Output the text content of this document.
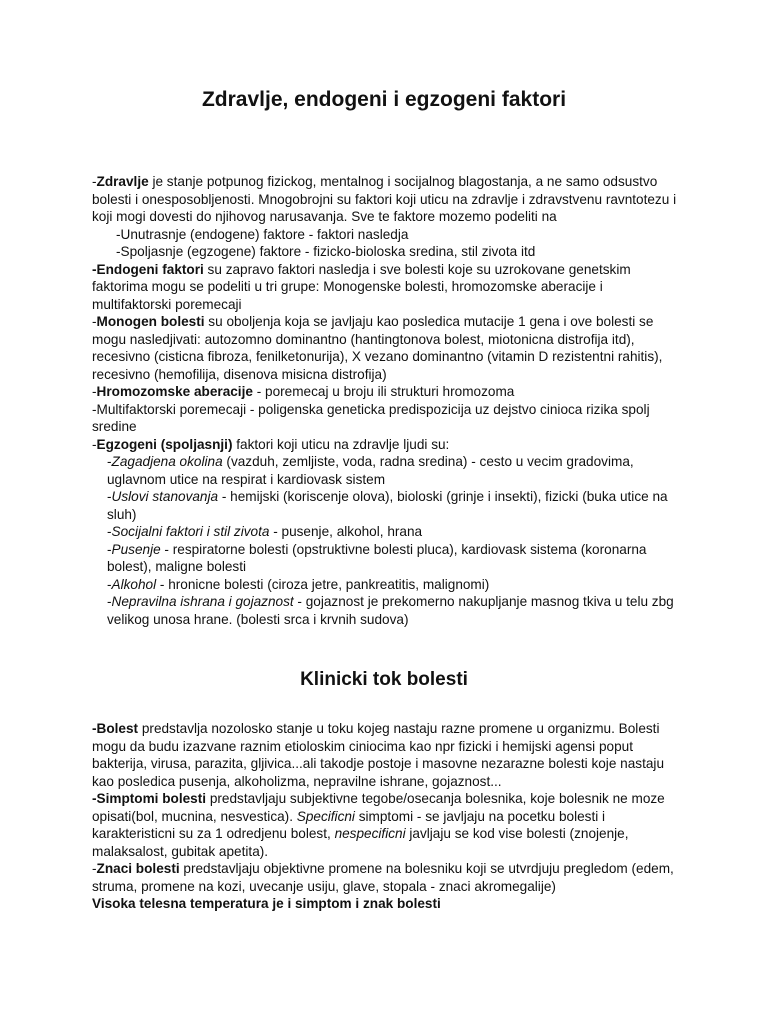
Zdravlje, endogeni i egzogeni faktori

-Zdravlje je stanje potpunog fizickog, mentalnog i socijalnog blagostanja, a ne samo odsustvo bolesti i onesposobljenosti. Mnogobrojni su faktori koji uticu na zdravlje i zdravstvenu ravntotezu i koji mogi dovesti do njihovog narusavanja. Sve te faktore mozemo podeliti na

-Unutrasnje (endogene) faktore - faktori nasledja

-Spoljasnje (egzogene) faktore - fizicko-bioloska sredina, stil zivota itd

-Endogeni faktori su zapravo faktori nasledja i sve bolesti koje su uzrokovane genetskim faktorima mogu se podeliti u tri grupe: Monogenske bolesti, hromozomske aberacije i multifaktorski poremecaji

-Monogen bolesti su oboljenja koja se javljaju kao posledica mutacije 1 gena i ove bolesti se mogu nasledjivati: autozomno dominantno (hantingtonova bolest, miotonicna distrofija itd), recesivno (cisticna fibroza, fenilketonurija), X vezano dominantno (vitamin D rezistentni rahitis), recesivno (hemofilija, disenova misicna distrofija)

-Hromozomske aberacije - poremecaj u broju ili strukturi hromozoma

-Multifaktorski poremecaji - poligenska geneticka predispozicija uz dejstvo cinioca rizika spolj sredine

-Egzogeni (spoljasnji) faktori koji uticu na zdravlje ljudi su:

-Zagadjena okolina (vazduh, zemljiste, voda, radna sredina) - cesto u vecim gradovima, uglavnom utice na respirat i kardiovask sistem

-Uslovi stanovanja - hemijski (koriscenje olova), bioloski (grinje i insekti), fizicki (buka utice na sluh)

-Socijalni faktori i stil zivota - pusenje, alkohol, hrana

-Pusenje - respiratorne bolesti (opstruktivne bolesti pluca), kardiovask sistema (koronarna bolest), maligne bolesti

-Alkohol - hronicne bolesti (ciroza jetre, pankreatitis, malignomi)

-Nepravilna ishrana i gojaznost - gojaznost je prekomerno nakupljanje masnog tkiva u telu zbg velikog unosa hrane. (bolesti srca i krvnih sudova)

Klinicki tok bolesti

-Bolest predstavlja nozolosko stanje u toku kojeg nastaju razne promene u organizmu. Bolesti mogu da budu izazvane raznim etioloskim ciniocima kao npr fizicki i hemijski agensi poput bakterija, virusa, parazita, gljivica...ali takodje postoje i masovne nezarazne bolesti koje nastaju kao posledica pusenja, alkoholizma, nepravilne ishrane, gojaznost...

-Simptomi bolesti predstavljaju subjektivne tegobe/osecanja bolesnika, koje bolesnik ne moze opisati(bol, mucnina, nesvestica). Specificni simptomi - se javljaju na pocetku bolesti i karakteristicni su za 1 odredjenu bolest, nespecificni javljaju se kod vise bolesti (znojenje, malaksalost, gubitak apetita).

-Znaci bolesti predstavljaju objektivne promene na bolesniku koji se utvrdjuju pregledom (edem, struma, promene na kozi, uvecanje usiju, glave, stopala - znaci akromegalije)

Visoka telesna temperatura je i simptom i znak bolesti
